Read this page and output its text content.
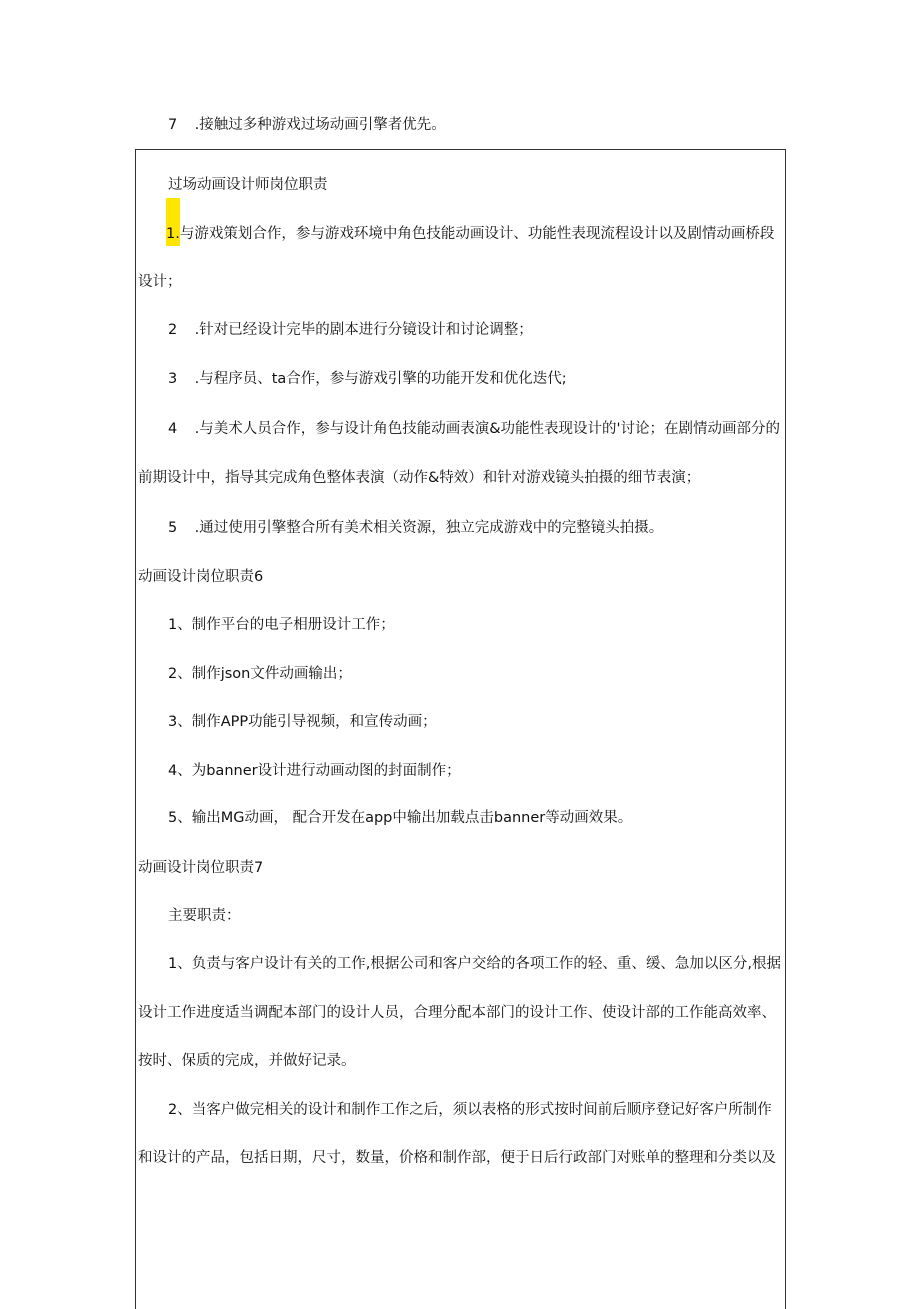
7 .接触过多种游戏过场动画引擎者优先。
过场动画设计师岗位职责
1.与游戏策划合作，参与游戏环境中角色技能动画设计、功能性表现流程设计以及剧情动画桥段
设计；
2 .针对已经设计完毕的剧本进行分镜设计和讨论调整；
3 .与程序员、ta合作，参与游戏引擎的功能开发和优化迭代;
4 .与美术人员合作，参与设计角色技能动画表演&功能性表现设计的'讨论；在剧情动画部分的
前期设计中，指导其完成角色整体表演（动作&特效）和针对游戏镜头拍摄的细节表演；
5 .通过使用引擎整合所有美术相关资源，独立完成游戏中的完整镜头拍摄。
动画设计岗位职责6
1、制作平台的电子相册设计工作；
2、制作json文件动画输出；
3、制作APP功能引导视频，和宣传动画；
4、为banner设计进行动画动图的封面制作；
5、输出MG动画， 配合开发在app中输出加载点击banner等动画效果。
动画设计岗位职责7
主要职责：
1、负责与客户设计有关的工作,根据公司和客户交给的各项工作的轻、重、缓、急加以区分,根据
设计工作进度适当调配本部门的设计人员，合理分配本部门的设计工作、使设计部的工作能高效率、
按时、保质的完成，并做好记录。
2、当客户做完相关的设计和制作工作之后，须以表格的形式按时间前后顺序登记好客户所制作
和设计的产品，包括日期，尺寸，数量，价格和制作部，便于日后行政部门对账单的整理和分类以及
